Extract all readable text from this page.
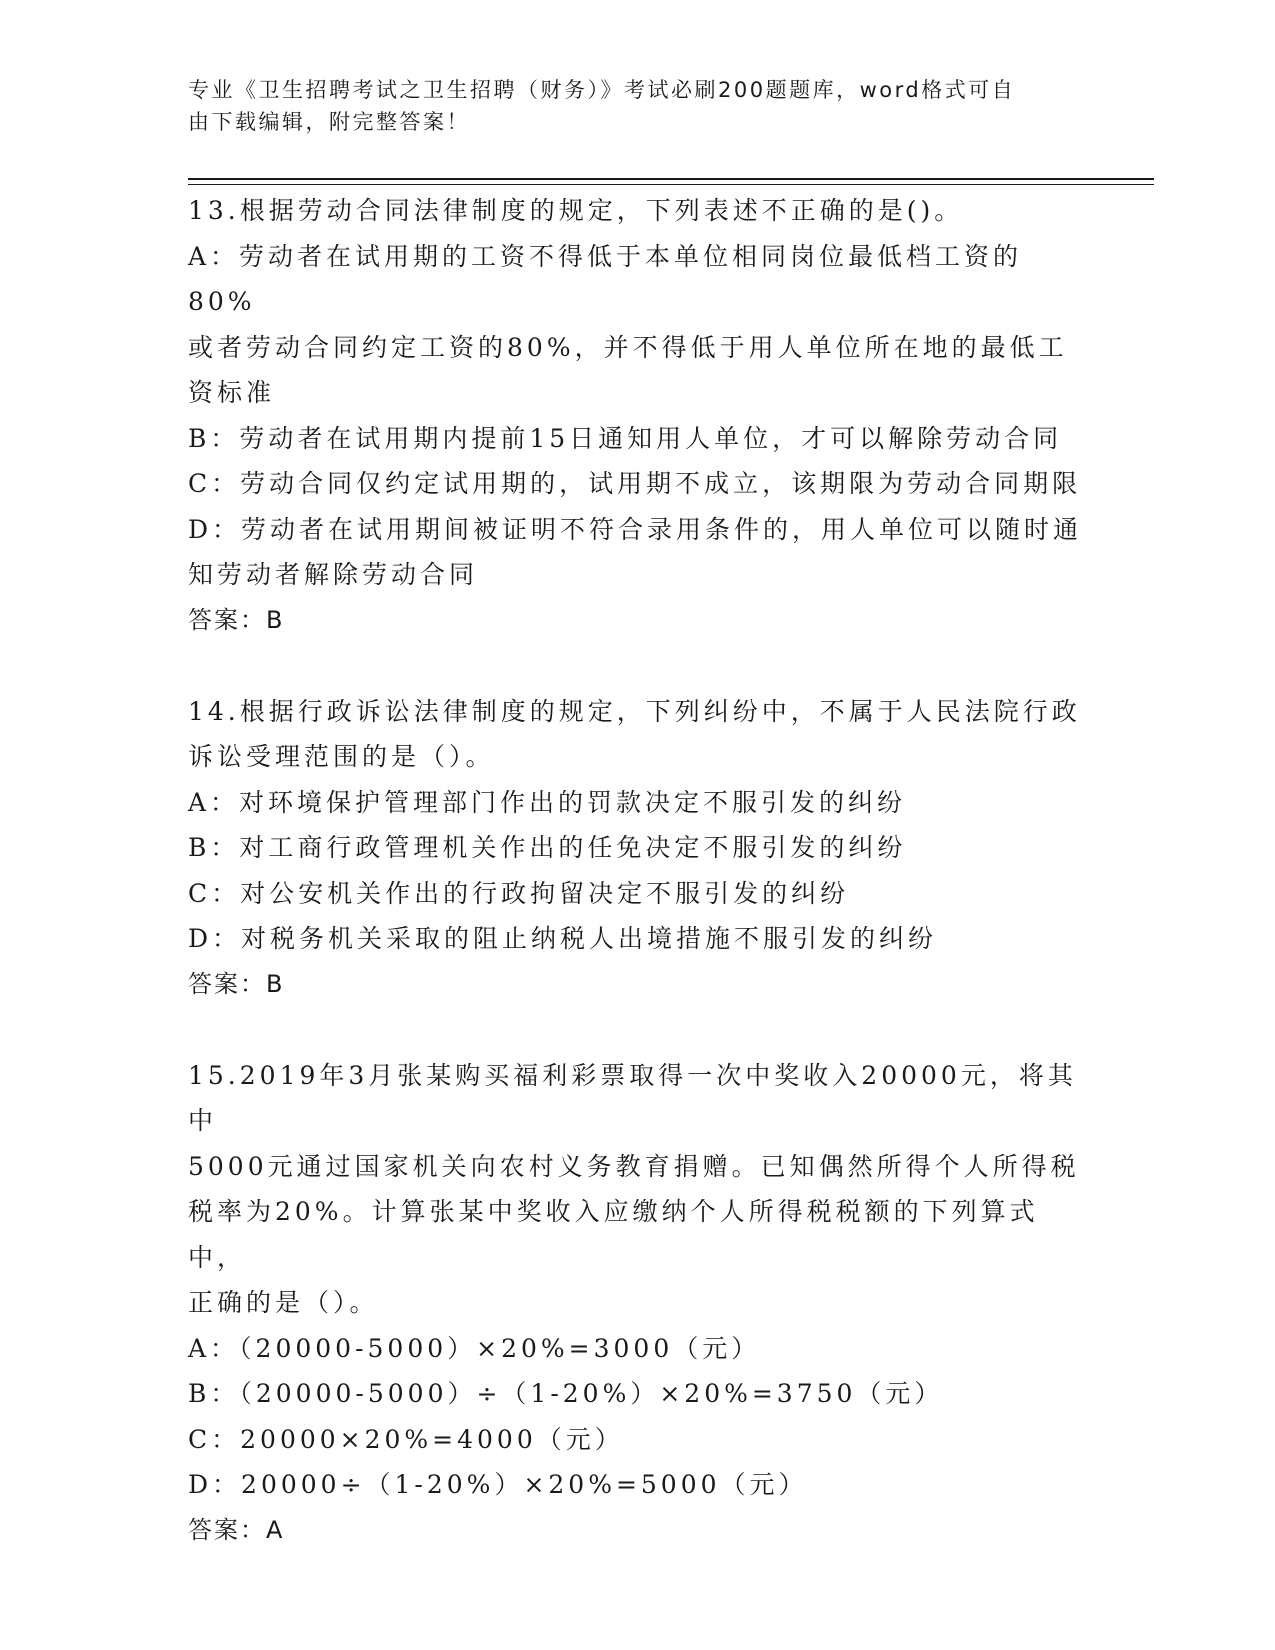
专业《卫生招聘考试之卫生招聘（财务）》考试必刷200题题库，word格式可自
由下载编辑，附完整答案！

13.根据劳动合同法律制度的规定，下列表述不正确的是()。

A：劳动者在试用期的工资不得低于本单位相同岗位最低档工资的80%

或者劳动合同约定工资的80%，并不得低于用人单位所在地的最低工

资标准

B：劳动者在试用期内提前15日通知用人单位，才可以解除劳动合同

C：劳动合同仅约定试用期的，试用期不成立，该期限为劳动合同期限

D：劳动者在试用期间被证明不符合录用条件的，用人单位可以随时通

知劳动者解除劳动合同

答案：B

14.根据行政诉讼法律制度的规定，下列纠纷中，不属于人民法院行政

诉讼受理范围的是（）。

A：对环境保护管理部门作出的罚款决定不服引发的纠纷

B：对工商行政管理机关作出的任免决定不服引发的纠纷

C：对公安机关作出的行政拘留决定不服引发的纠纷

D：对税务机关采取的阻止纳税人出境措施不服引发的纠纷

答案：B

15.2019年3月张某购买福利彩票取得一次中奖收入20000元，将其中

5000元通过国家机关向农村义务教育捐赠。已知偶然所得个人所得税

税率为20%。计算张某中奖收入应缴纳个人所得税税额的下列算式中，

正确的是（）。

A：（20000-5000）×20%=3000（元）

B：（20000-5000）÷（1-20%）×20%=3750（元）

C：20000×20%=4000（元）

D：20000÷（1-20%）×20%=5000（元）

答案：A
